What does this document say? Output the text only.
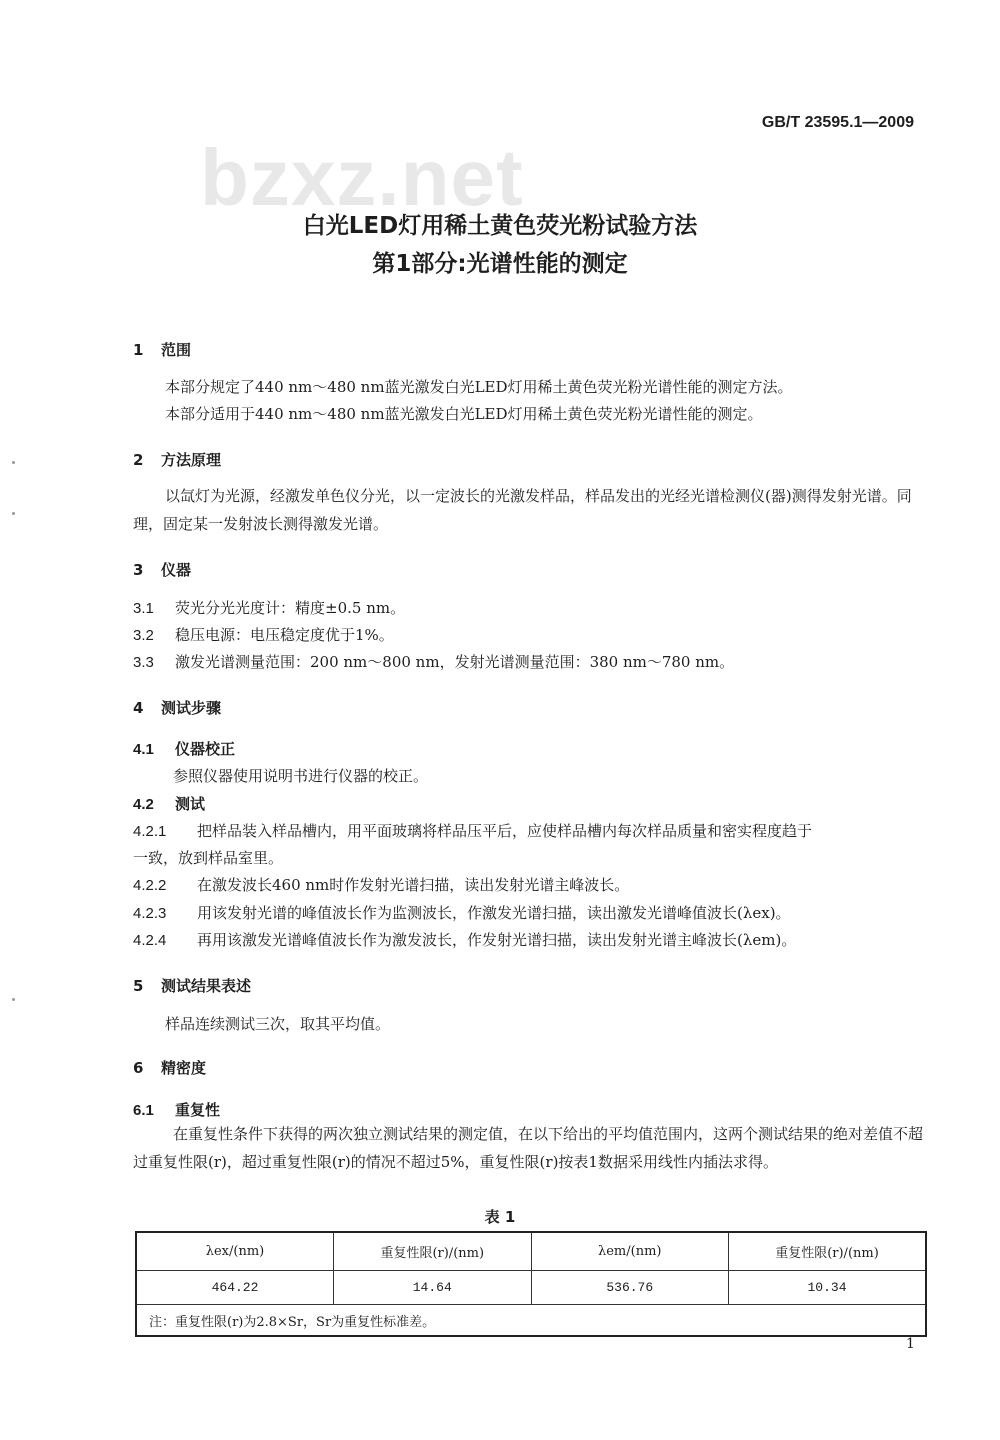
bzxz.net
GB/T 23595.1—2009
白光LED灯用稀土黄色荧光粉试验方法
第1部分:光谱性能的测定
1 范围
本部分规定了440 nm～480 nm蓝光激发白光LED灯用稀土黄色荧光粉光谱性能的测定方法。
本部分适用于440 nm～480 nm蓝光激发白光LED灯用稀土黄色荧光粉光谱性能的测定。
2 方法原理
以氙灯为光源，经激发单色仪分光，以一定波长的光激发样品，样品发出的光经光谱检测仪(器)测得发射光谱。同理，固定某一发射波长测得激发光谱。
3 仪器
3.1 荧光分光光度计：精度±0.5 nm。
3.2 稳压电源：电压稳定度优于1%。
3.3 激发光谱测量范围：200 nm～800 nm，发射光谱测量范围：380 nm～780 nm。
4 测试步骤
4.1 仪器校正
参照仪器使用说明书进行仪器的校正。
4.2 测试
4.2.1 把样品装入样品槽内，用平面玻璃将样品压平后，应使样品槽内每次样品质量和密实程度趋于
一致，放到样品室里。
4.2.2 在激发波长460 nm时作发射光谱扫描，读出发射光谱主峰波长。
4.2.3 用该发射光谱的峰值波长作为监测波长，作激发光谱扫描，读出激发光谱峰值波长(λex)。
4.2.4 再用该激发光谱峰值波长作为激发波长，作发射光谱扫描，读出发射光谱主峰波长(λem)。
5 测试结果表述
样品连续测试三次，取其平均值。
6 精密度
6.1 重复性
在重复性条件下获得的两次独立测试结果的测定值，在以下给出的平均值范围内，这两个测试结果的绝对差值不超过重复性限(r)，超过重复性限(r)的情况不超过5%，重复性限(r)按表1数据采用线性内插法求得。
表 1
λex/(nm)	重复性限(r)/(nm)	λem/(nm)	重复性限(r)/(nm)
464.22	14.64	536.76	10.34
注：重复性限(r)为2.8×Sr，Sr为重复性标准差。			
1
